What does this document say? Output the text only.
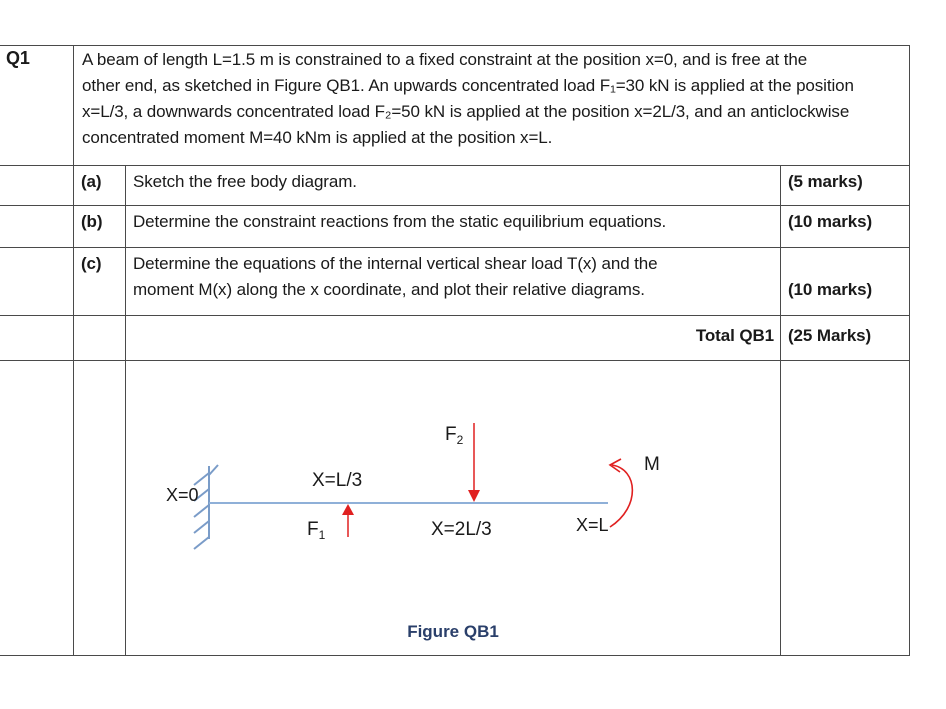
Q1	A beam of length L=1.5 m is constrained to a fixed constraint at the position x=0, and is free at the
other end, as sketched in Figure QB1. An upwards concentrated load F₁=30 kN is applied at the position
x=L/3, a downwards concentrated load F₂=50 kN is applied at the position x=2L/3, and an anticlockwise
concentrated moment M=40 kNm is applied at the position x=L.
(a) Sketch the free body diagram.	(5 marks)
(b) Determine the constraint reactions from the static equilibrium equations.	(10 marks)
(c) Determine the equations of the internal vertical shear load T(x) and the
moment M(x) along the x coordinate, and plot their relative diagrams.	(10 marks)
Total QB1 (25 Marks)
X=0
X=L/3
X=2L/3	X=L
M
$F_1$
$F_2$
Figure QB1
